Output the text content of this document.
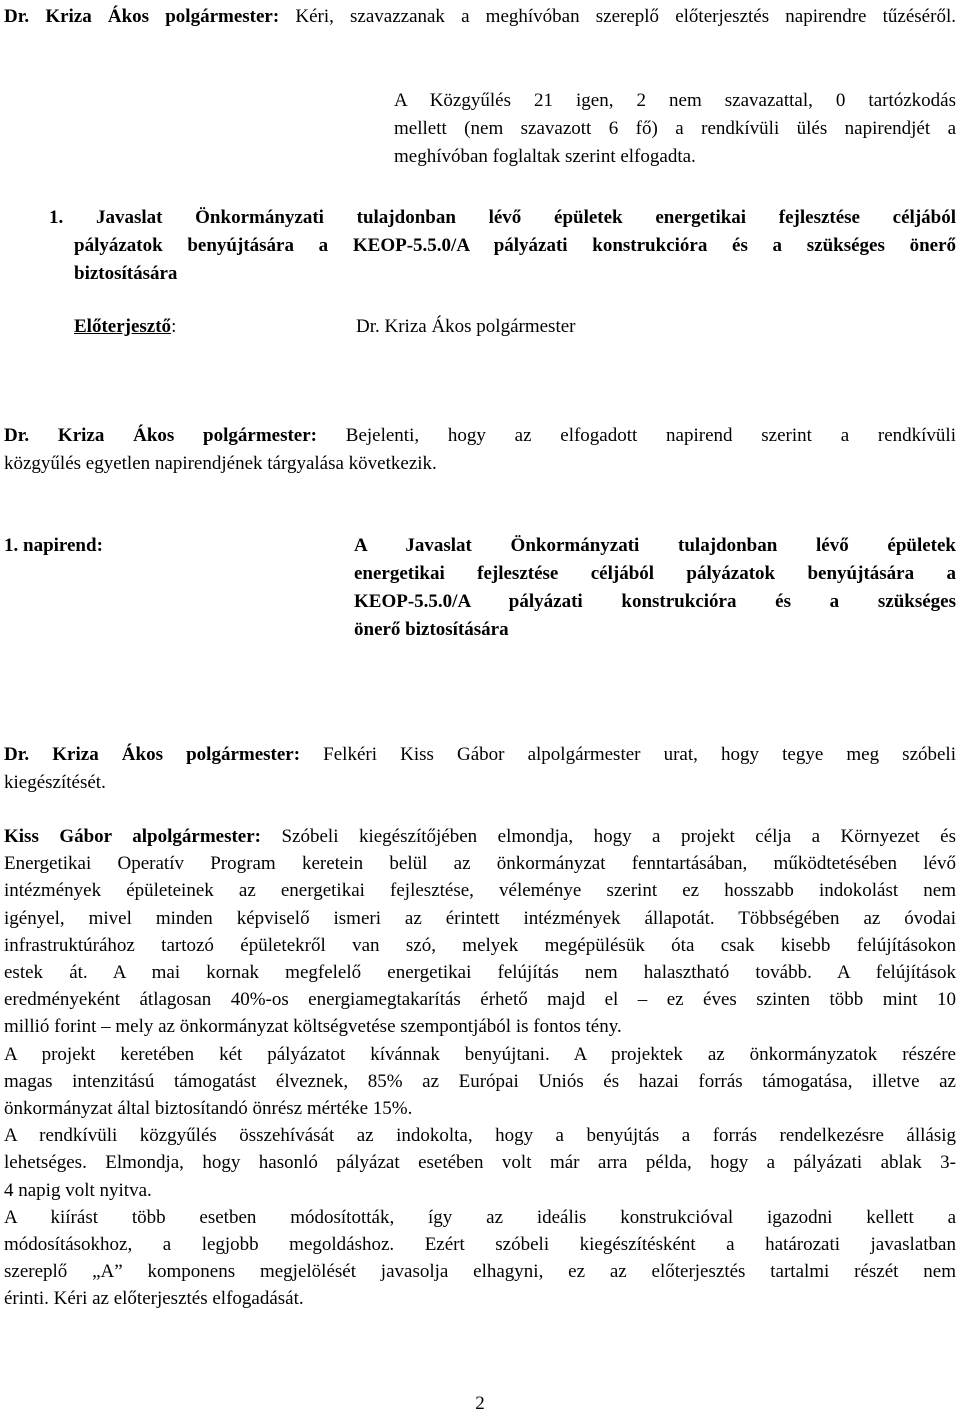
Dr. Kriza Ákos polgármester: Kéri, szavazzanak a meghívóban szereplő előterjesztés napirendre tűzéséről.
A Közgyűlés 21 igen, 2 nem szavazattal, 0 tartózkodás
mellett (nem szavazott 6 fő) a rendkívüli ülés napirendjét a
meghívóban foglaltak szerint elfogadta.
1. Javaslat Önkormányzati tulajdonban lévő épületek energetikai fejlesztése céljából
pályázatok benyújtására a KEOP-5.5.0/A pályázati konstrukcióra és a szükséges önerő
biztosítására
Előterjesztő:	Dr. Kriza Ákos polgármester
Dr. Kriza Ákos polgármester: Bejelenti, hogy az elfogadott napirend szerint a rendkívüli
közgyűlés egyetlen napirendjének tárgyalása következik.
1. napirend:	A Javaslat Önkormányzati tulajdonban lévő épületek
energetikai fejlesztése céljából pályázatok benyújtására a
KEOP-5.5.0/A pályázati konstrukcióra és a szükséges
önerő biztosítására
Dr. Kriza Ákos polgármester: Felkéri Kiss Gábor alpolgármester urat, hogy tegye meg szóbeli
kiegészítését.
Kiss Gábor alpolgármester: Szóbeli kiegészítőjében elmondja, hogy a projekt célja a Környezet és
Energetikai Operatív Program keretein belül az önkormányzat fenntartásában, működtetésében lévő
intézmények épületeinek az energetikai fejlesztése, véleménye szerint ez hosszabb indokolást nem
igényel, mivel minden képviselő ismeri az érintett intézmények állapotát. Többségében az óvodai
infrastruktúrához tartozó épületekről van szó, melyek megépülésük óta csak kisebb felújításokon
estek át. A mai kornak megfelelő energetikai felújítás nem halasztható tovább. A felújítások
eredményeként átlagosan 40%-os energiamegtakarítás érhető majd el – ez éves szinten több mint 10
millió forint – mely az önkormányzat költségvetése szempontjából is fontos tény.
A projekt keretében két pályázatot kívánnak benyújtani. A projektek az önkormányzatok részére
magas intenzitású támogatást élveznek, 85% az Európai Uniós és hazai forrás támogatása, illetve az
önkormányzat által biztosítandó önrész mértéke 15%.
A rendkívüli közgyűlés összehívását az indokolta, hogy a benyújtás a forrás rendelkezésre állásig
lehetséges. Elmondja, hogy hasonló pályázat esetében volt már arra példa, hogy a pályázati ablak 3-
4 napig volt nyitva.
A kiírást több esetben módosították, így az ideális konstrukcióval igazodni kellett a
módosításokhoz, a legjobb megoldáshoz. Ezért szóbeli kiegészítésként a határozati javaslatban
szereplő „A” komponens megjelölését javasolja elhagyni, ez az előterjesztés tartalmi részét nem
érinti. Kéri az előterjesztés elfogadását.
2
